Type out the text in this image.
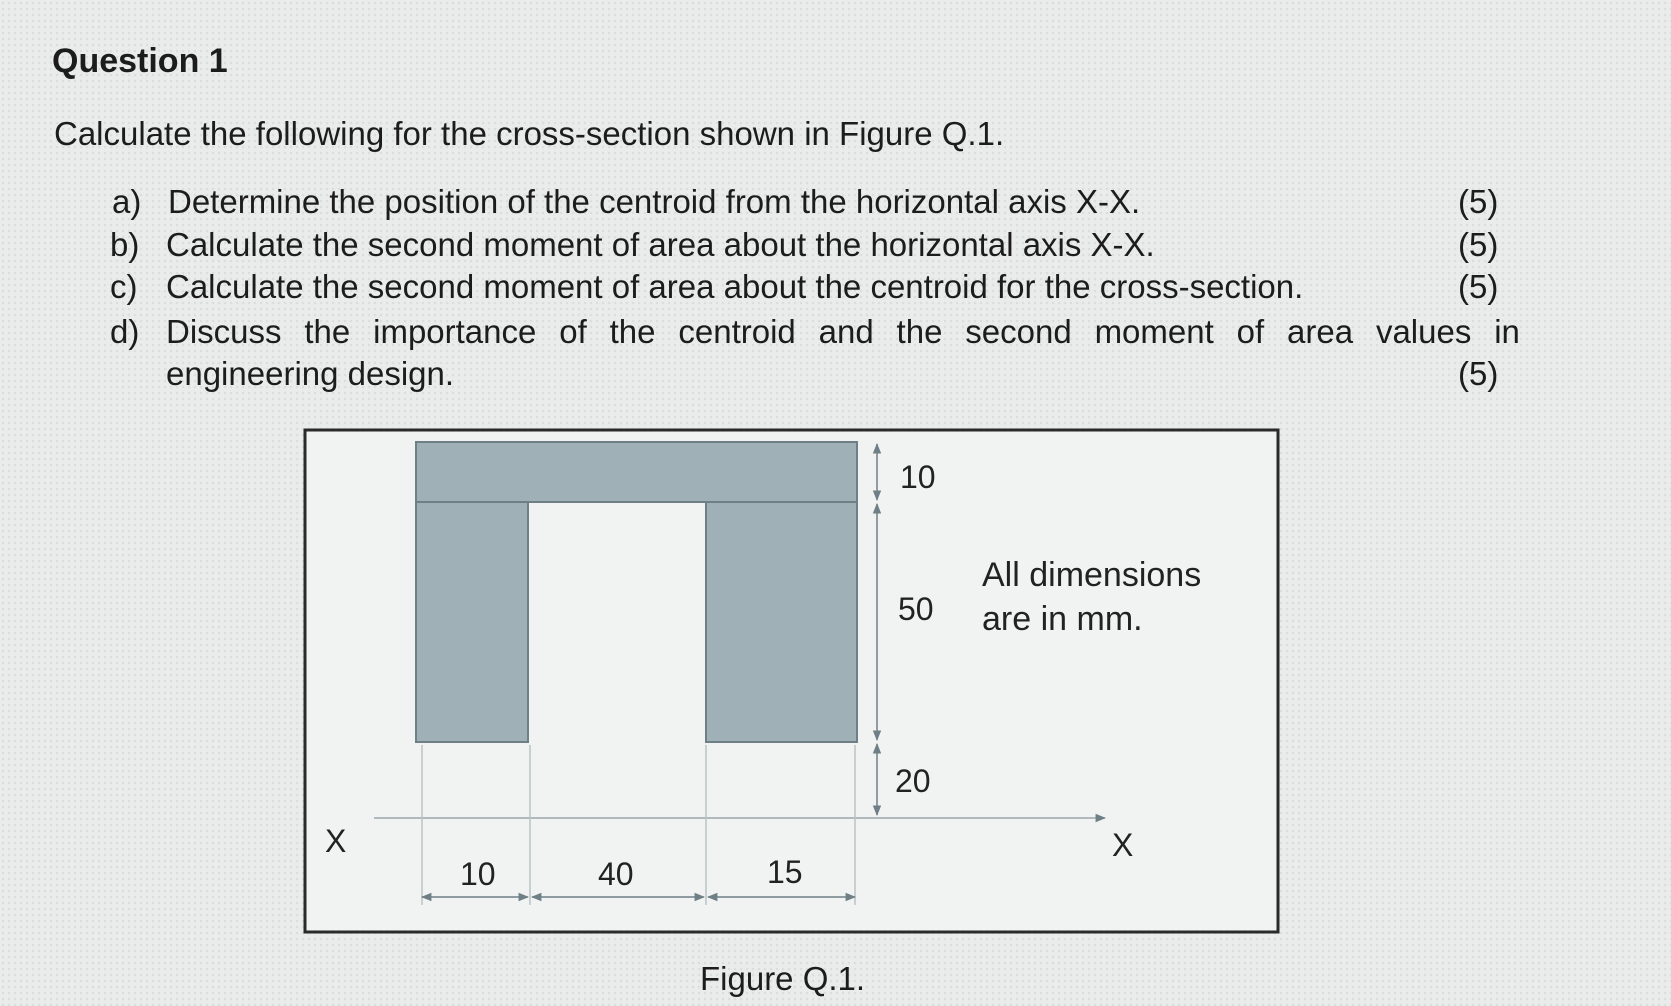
Question 1
Calculate the following for the cross-section shown in Figure Q.1.
a) Determine the position of the centroid from the horizontal axis X-X.	(5)
b) Calculate the second moment of area about the horizontal axis X-X.	(5)
c) Calculate the second moment of area about the centroid for the cross-section.	(5)
d) Discuss the importance of the centroid and the second moment of area values in
engineering design.	(5)
10
50
20
10	40	15
X	X
All dimensions
are in mm.
Figure Q.1.
